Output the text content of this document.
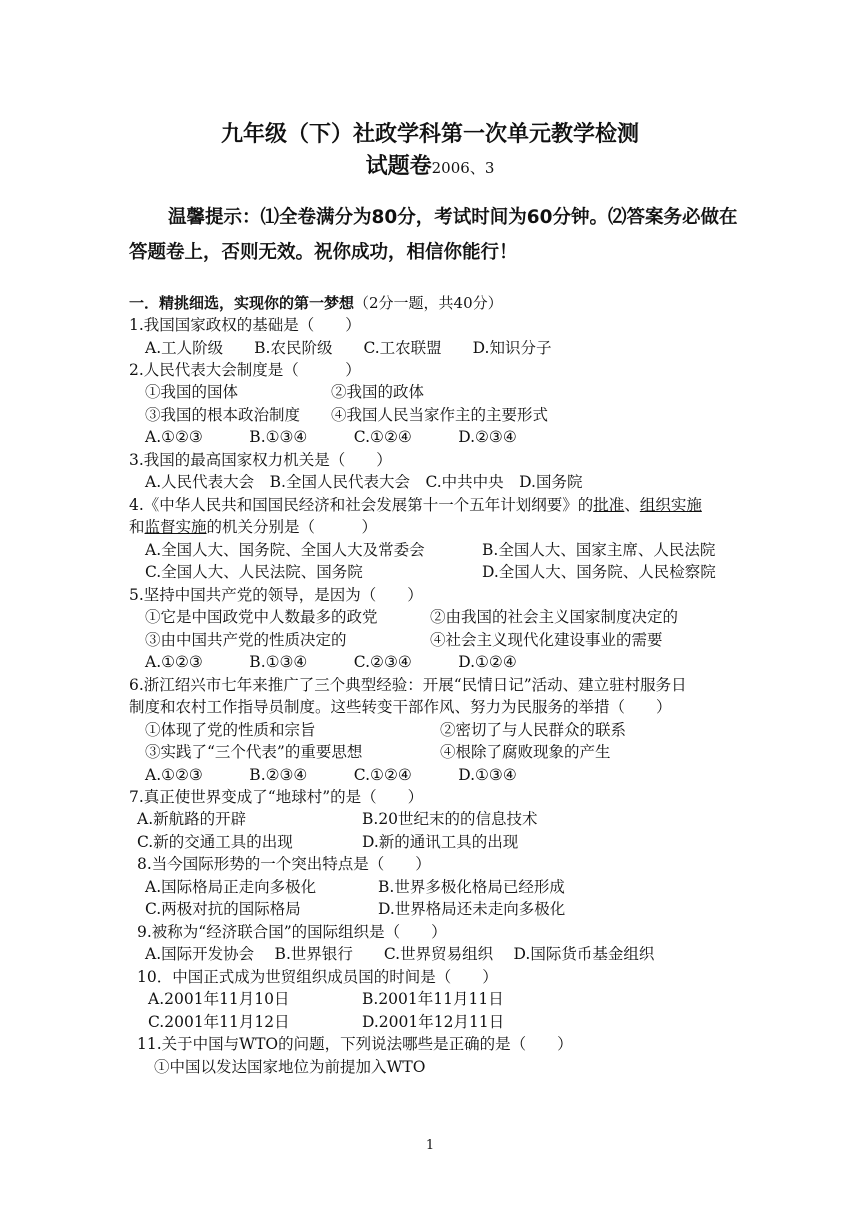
九年级（下）社政学科第一次单元教学检测
试题卷2006、3
温馨提示：⑴全卷满分为80分，考试时间为60分钟。⑵答案务必做在
答题卷上，否则无效。祝你成功，相信你能行！
一．精挑细选，实现你的第一梦想（2分一题，共40分）
1.我国国家政权的基础是（　　）
A.工人阶级　　B.农民阶级　　C.工农联盟　　D.知识分子
2.人民代表大会制度是（　　　）
①我国的国体　　　　　　②我国的政体
③我国的根本政治制度　　④我国人民当家作主的主要形式
A.①②③　　　B.①③④　　　C.①②④　　　D.②③④
3.我国的最高国家权力机关是（　　）
A.人民代表大会　B.全国人民代表大会　C.中共中央　D.国务院
4.《中华人民共和国国民经济和社会发展第十一个五年计划纲要》的批准、组织实施
和监督实施的机关分别是（　　　）
A.全国人大、国务院、全国人大及常委会	B.全国人大、国家主席、人民法院
C.全国人大、人民法院、国务院	D.全国人大、国务院、人民检察院
5.坚持中国共产党的领导，是因为（　　）
①它是中国政党中人数最多的政党	②由我国的社会主义国家制度决定的
③由中国共产党的性质决定的	④社会主义现代化建设事业的需要
A.①②③　　　B.①③④　　　C.②③④　　　D.①②④
6.浙江绍兴市七年来推广了三个典型经验：开展“民情日记”活动、建立驻村服务日
制度和农村工作指导员制度。这些转变干部作风、努力为民服务的举措（　　）
①体现了党的性质和宗旨	②密切了与人民群众的联系
③实践了“三个代表”的重要思想	④根除了腐败现象的产生
A.①②③　　　B.②③④　　　C.①②④　　　D.①③④
7.真正使世界变成了“地球村”的是（　　）
A.新航路的开辟	B.20世纪末的的信息技术
C.新的交通工具的出现	D.新的通讯工具的出现
8.当今国际形势的一个突出特点是（　　）
A.国际格局正走向多极化	B.世界多极化格局已经形成
C.两极对抗的国际格局	D.世界格局还未走向多极化
9.被称为“经济联合国”的国际组织是（　　）
A.国际开发协会　 B.世界银行　　C.世界贸易组织　 D.国际货币基金组织
10．中国正式成为世贸组织成员国的时间是（　　）
A.2001年11月10日	B.2001年11月11日
C.2001年11月12日	D.2001年12月11日
11.关于中国与WTO的问题，下列说法哪些是正确的是（　　）
①中国以发达国家地位为前提加入WTO
1
